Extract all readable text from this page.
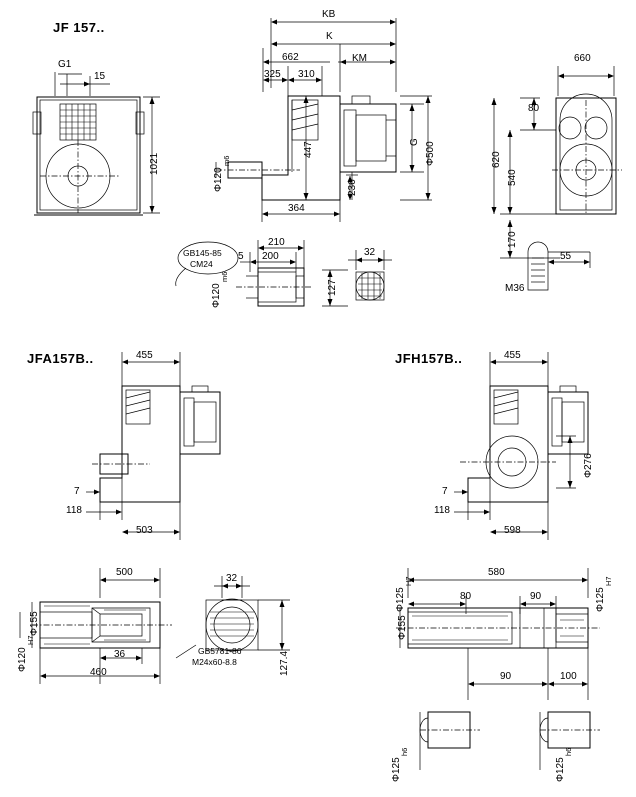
JF 157..
JFA157B..	JFH157B..
G1
15
1021
KB
K
KM
662
325 310
447
364
236
G Φ500
Φ120
m6
660
80
620
540
170
55
M36
GB145-85
CM24
210
200
5
127
32
Φ120
m6
455
7
118
503
500
32
Φ155
Φ120
H7
36
460
GB5781-86
M24x60-8.8	127.4
455
7
118
598
Φ276
580
80	90
Φ125
H7
Φ125
H7
Φ155
90	100
Φ125
h6
Φ125
h6
